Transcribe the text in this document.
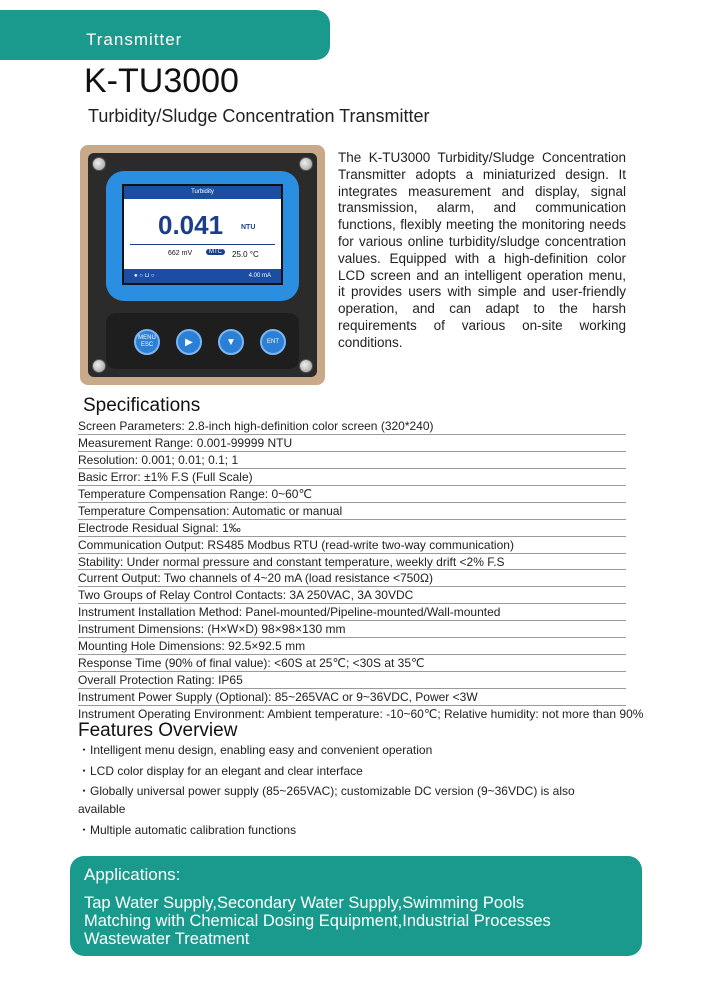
Transmitter
K-TU3000
Turbidity/Sludge Concentration Transmitter
Turbidity
0.041	NTU
662 mV	MTC	25.0 °C
● ○ ⊔ ○	4.00 mA
MENU ESC	▶	▼	ENT

The K-TU3000 Turbidity/Sludge Concentration Transmitter adopts a miniaturized design. It integrates measurement and display, signal transmission, alarm, and communication functions, flexibly meeting the monitoring needs for various online turbidity/sludge concentration values. Equipped with a high-definition color LCD screen and an intelligent operation menu, it provides users with simple and user-friendly operation, and can adapt to the harsh requirements of various on-site working conditions.

Specifications
Screen Parameters: 2.8-inch high-definition color screen (320*240)
Measurement Range: 0.001-99999 NTU
Resolution: 0.001; 0.01; 0.1; 1
Basic Error: ±1% F.S (Full Scale)
Temperature Compensation Range: 0~60℃
Temperature Compensation: Automatic or manual
Electrode Residual Signal: 1‰
Communication Output: RS485 Modbus RTU (read-write two-way communication)
Stability: Under normal pressure and constant temperature, weekly drift <2% F.S
Current Output: Two channels of 4~20 mA (load resistance <750Ω)
Two Groups of Relay Control Contacts: 3A 250VAC, 3A 30VDC
Instrument Installation Method: Panel-mounted/Pipeline-mounted/Wall-mounted
Instrument Dimensions: (H×W×D) 98×98×130 mm
Mounting Hole Dimensions: 92.5×92.5 mm
Response Time (90% of final value): <60S at 25℃; <30S at 35℃
Overall Protection Rating: IP65
Instrument Power Supply (Optional): 85~265VAC or 9~36VDC, Power <3W
Instrument Operating Environment: Ambient temperature: -10~60℃; Relative humidity: not more than 90%
Features Overview
・Intelligent menu design, enabling easy and convenient operation
・LCD color display for an elegant and clear interface
・Globally universal power supply (85~265VAC); customizable DC version (9~36VDC) is also available
・Multiple automatic calibration functions
Applications:
Tap Water Supply,Secondary Water Supply,Swimming Pools
Matching with Chemical Dosing Equipment,Industrial Processes
Wastewater Treatment
